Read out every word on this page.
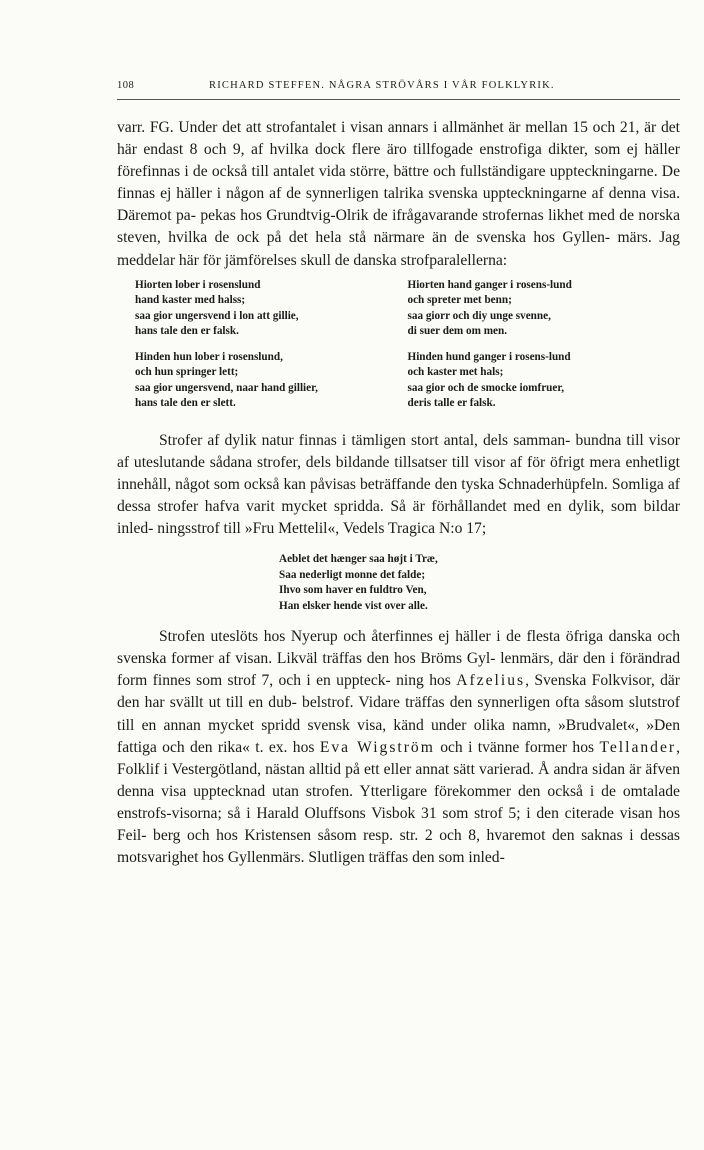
108	RICHARD STEFFEN. NÅGRA STRÖVÅRS I VÅR FOLKLYRIK.

varr. FG. Under det att strofantalet i visan annars i allmänhet är mellan 15 och 21, är det här endast 8 och 9, af hvilka dock flere äro tillfogade enstrofiga dikter, som ej häller förefinnas i de också till antalet vida större, bättre och fullständigare uppteckningarne. De finnas ej häller i någon af de synnerligen talrika svenska uppteckningarne af denna visa. Däremot pa- pekas hos Grundtvig-Olrik de ifrågavarande strofernas likhet med de norska steven, hvilka de ock på det hela stå närmare än de svenska hos Gyllen- märs. Jag meddelar här för jämförelses skull de danska strofparalellerna:

Hiorten lober i rosenslund
hand kaster med halss;
saa gior ungersvend i lon att gillie,
hans tale den er falsk.
Hinden hun lober i rosenslund,
och hun springer lett;
saa gior ungersvend, naar hand gillier,
hans tale den er slett.
Hiorten hand ganger i rosens-lund
och spreter met benn;
saa giorr och diy unge svenne,
di suer dem om men.
Hinden hund ganger i rosens-lund
och kaster met hals;
saa gior och de smocke iomfruer,
deris talle er falsk.

Strofer af dylik natur finnas i tämligen stort antal, dels samman- bundna till visor af uteslutande sådana strofer, dels bildande tillsatser till visor af för öfrigt mera enhetligt innehåll, något som också kan påvisas beträffande den tyska Schnaderhüpfeln. Somliga af dessa strofer hafva varit mycket spridda. Så är förhållandet med en dylik, som bildar inled- ningsstrof till »Fru Mettelil«, Vedels Tragica N:o 17;

Aeblet det hænger saa højt i Træ,
Saa nederligt monne det falde;
Ihvo som haver en fuldtro Ven,
Han elsker hende vist over alle.

Strofen uteslöts hos Nyerup och återfinnes ej häller i de flesta öfriga danska och svenska former af visan. Likväl träffas den hos Bröms Gyl- lenmärs, där den i förändrad form finnes som strof 7, och i en uppteck- ning hos Afzelius, Svenska Folkvisor, där den har svällt ut till en dub- belstrof. Vidare träffas den synnerligen ofta såsom slutstrof till en annan mycket spridd svensk visa, känd under olika namn, »Brudvalet«, »Den fattiga och den rika« t. ex. hos Eva Wigström och i tvänne former hos Tellander, Folklif i Vestergötland, nästan alltid på ett eller annat sätt varierad. Å andra sidan är äfven denna visa upptecknad utan strofen. Ytterligare förekommer den också i de omtalade enstrofs-visorna; så i Harald Oluffsons Visbok 31 som strof 5; i den citerade visan hos Feil- berg och hos Kristensen såsom resp. str. 2 och 8, hvaremot den saknas i dessas motsvarighet hos Gyllenmärs. Slutligen träffas den som inled-
